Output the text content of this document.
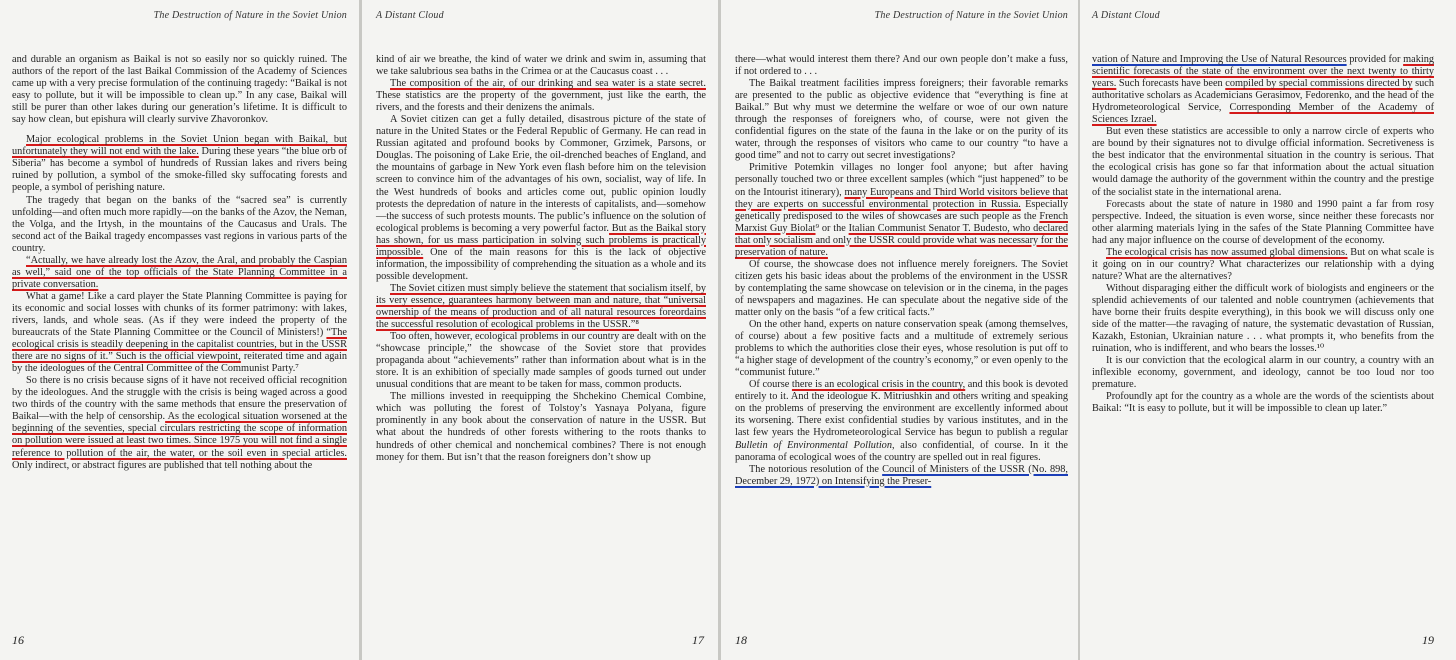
The Destruction of Nature in the Soviet Union

and durable an organism as Baikal is not so easily nor so quickly ruined. The authors of the report of the last Baikal Commission of the Academy of Sciences came up with a very precise formulation of the continuing tragedy: “Baikal is not easy to pollute, but it will be impossible to clean up.” In any case, Baikal will still be purer than other lakes during our generation’s lifetime. It is difficult to say how clean, but epishura will clearly survive Zhavoronkov.

Major ecological problems in the Soviet Union began with Baikal, but unfortunately they will not end with the lake. During these years “the blue orb of Siberia” has become a symbol of hundreds of Russian lakes and rivers being ruined by pollution, a symbol of the smoke-filled sky suffocating forests and people, a symbol of perishing nature.

The tragedy that began on the banks of the “sacred sea” is currently unfolding—and often much more rapidly—on the banks of the Azov, the Neman, the Volga, and the Irtysh, in the mountains of the Caucasus and Urals. The second act of the Baikal tragedy encompasses vast regions in various parts of the country.

“Actually, we have already lost the Azov, the Aral, and probably the Caspian as well,” said one of the top officials of the State Planning Committee in a private conversation.

What a game! Like a card player the State Planning Committee is paying for its economic and social losses with chunks of its former patrimony: with lakes, rivers, lands, and whole seas. (As if they were indeed the property of the bureaucrats of the State Planning Committee or the Council of Ministers!) “The ecological crisis is steadily deepening in the capitalist countries, but in the USSR there are no signs of it.” Such is the official viewpoint, reiterated time and again by the ideologues of the Central Committee of the Communist Party.⁷

So there is no crisis because signs of it have not received official recognition by the ideologues. And the struggle with the crisis is being waged across a good two thirds of the country with the same methods that ensure the preservation of Baikal—with the help of censorship. As the ecological situation worsened at the beginning of the seventies, special circulars restricting the scope of information on pollution were issued at least two times. Since 1975 you will not find a single reference to pollution of the air, the water, or the soil even in special articles. Only indirect, or abstract figures are published that tell nothing about the

16
A Distant Cloud

kind of air we breathe, the kind of water we drink and swim in, assuming that we take salubrious sea baths in the Crimea or at the Caucasus coast . . .

The composition of the air, of our drinking and sea water is a state secret. These statistics are the property of the government, just like the earth, the rivers, and the forests and their denizens the animals.

A Soviet citizen can get a fully detailed, disastrous picture of the state of nature in the United States or the Federal Republic of Germany. He can read in Russian agitated and profound books by Commoner, Grzimek, Parsons, or Douglas. The poisoning of Lake Erie, the oil-drenched beaches of England, and the mountains of garbage in New York even flash before him on the television screen to convince him of the advantages of his own, socialist, way of life. In the West hundreds of books and articles come out, public opinion loudly protests the depredation of nature in the interests of capitalists, and—somehow—the success of such protests mounts. The public’s influence on the solution of ecological problems is becoming a very powerful factor. But as the Baikal story has shown, for us mass participation in solving such problems is practically impossible. One of the main reasons for this is the lack of objective information, the impossibility of comprehending the situation as a whole and its possible development.

The Soviet citizen must simply believe the statement that socialism itself, by its very essence, guarantees harmony between man and nature, that “universal ownership of the means of production and of all natural resources foreordains the successful resolution of ecological problems in the USSR.”⁸

Too often, however, ecological problems in our country are dealt with on the “showcase principle,” the showcase of the Soviet store that provides propaganda about “achievements” rather than information about what is in the store. It is an exhibition of specially made samples of goods turned out under unusual conditions that are meant to be taken for mass, common products.

The millions invested in reequipping the Shchekino Chemical Combine, which was polluting the forest of Tolstoy’s Yasnaya Polyana, figure prominently in any book about the conservation of nature in the USSR. But what about the hundreds of other forests withering to the roots thanks to hundreds of other chemical and nonchemical combines? There is not enough money for them. But isn’t that the reason foreigners don’t show up

17
The Destruction of Nature in the Soviet Union

there—what would interest them there? And our own people don’t make a fuss, if not ordered to . . .

The Baikal treatment facilities impress foreigners; their favorable remarks are presented to the public as objective evidence that “everything is fine at Baikal.” But why must we determine the welfare or woe of our own nature through the responses of foreigners who, of course, were not given the confidential figures on the state of the fauna in the lake or on the purity of its water, through the responses of visitors who came to our country “to have a good time” and not to carry out secret investigations?

Primitive Potemkin villages no longer fool anyone; but after having personally touched two or three excellent samples (which “just happened” to be on the Intourist itinerary), many Europeans and Third World visitors believe that they are experts on successful environmental protection in Russia. Especially genetically predisposed to the wiles of showcases are such people as the French Marxist Guy Biolat⁹ or the Italian Communist Senator T. Budesto, who declared that only socialism and only the USSR could provide what was necessary for the preservation of nature.

Of course, the showcase does not influence merely foreigners. The Soviet citizen gets his basic ideas about the problems of the environment in the USSR by contemplating the same showcase on television or in the cinema, in the pages of newspapers and magazines. He can speculate about the negative side of the matter only on the basis “of a few critical facts.”

On the other hand, experts on nature conservation speak (among themselves, of course) about a few positive facts and a multitude of extremely serious problems to which the authorities close their eyes, whose resolution is put off to “a higher stage of development of the country’s economy,” or even openly to the “communist future.”

Of course there is an ecological crisis in the country, and this book is devoted entirely to it. And the ideologue K. Mitriushkin and others writing and speaking on the problems of preserving the environment are excellently informed about its worsening. There exist confidential studies by various institutes, and in the last few years the Hydrometeorological Service has begun to publish a regular Bulletin of Environmental Pollution, also confidential, of course. In it the panorama of ecological woes of the country are spelled out in real figures.

The notorious resolution of the Council of Ministers of the USSR (No. 898, December 29, 1972) on Intensifying the Preser-

18
A Distant Cloud

vation of Nature and Improving the Use of Natural Resources provided for making scientific forecasts of the state of the environment over the next twenty to thirty years. Such forecasts have been compiled by special commissions directed by such authoritative scholars as Academicians Gerasimov, Fedorenko, and the head of the Hydrometeorological Service, Corresponding Member of the Academy of Sciences Izrael.

But even these statistics are accessible to only a narrow circle of experts who are bound by their signatures not to divulge official information. Secretiveness is the best indicator that the environmental situation in the country is serious. That the ecological crisis has gone so far that information about the actual situation would damage the authority of the government within the country and the prestige of the socialist state in the international arena.

Forecasts about the state of nature in 1980 and 1990 paint a far from rosy perspective. Indeed, the situation is even worse, since neither these forecasts nor other alarming materials lying in the safes of the State Planning Committee have had any major influence on the course of development of the economy.

The ecological crisis has now assumed global dimensions. But on what scale is it going on in our country? What characterizes our relationship with a dying nature? What are the alternatives?

Without disparaging either the difficult work of biologists and engineers or the splendid achievements of our talented and noble countrymen (achievements that have borne their fruits despite everything), in this book we will discuss only one side of the matter—the ravaging of nature, the systematic devastation of Russian, Kazakh, Estonian, Ukrainian nature . . . what prompts it, who benefits from the ruination, who is indifferent, and who bears the losses.¹⁰

It is our conviction that the ecological alarm in our country, a country with an inflexible economy, government, and ideology, cannot be too loud nor too premature.

Profoundly apt for the country as a whole are the words of the scientists about Baikal: “It is easy to pollute, but it will be impossible to clean up later.”

19
